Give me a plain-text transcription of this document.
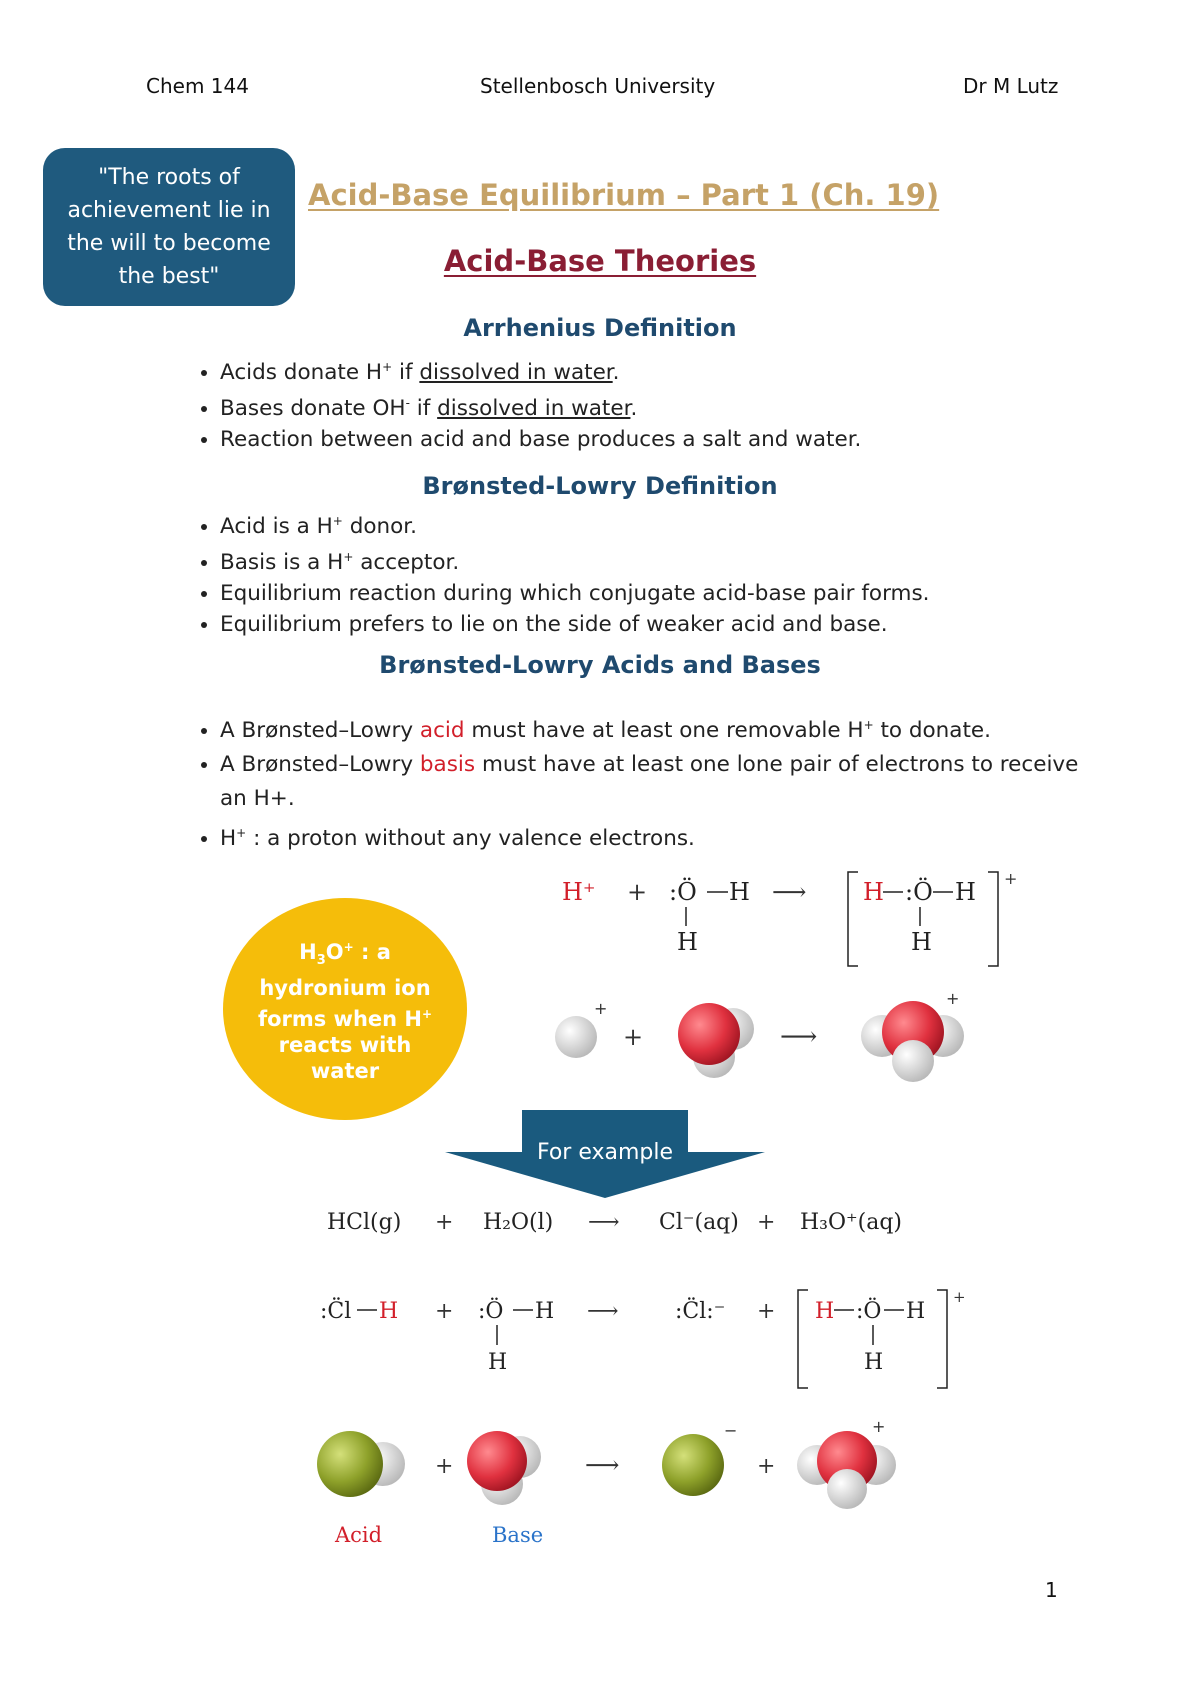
Chem 144	Stellenbosch University	Dr M Lutz
"The roots of achievement lie in the will to become the best"
Acid-Base Equilibrium – Part 1 (Ch. 19)
Acid-Base Theories
Arrhenius Definition
• Acids donate H+ if dissolved in water.
• Bases donate OH- if dissolved in water.
• Reaction between acid and base produces a salt and water.
Brønsted-Lowry Definition
• Acid is a H+ donor.
• Basis is a H+ acceptor.
• Equilibrium reaction during which conjugate acid-base pair forms.
• Equilibrium prefers to lie on the side of weaker acid and base.
Brønsted-Lowry Acids and Bases
• A Brønsted–Lowry acid must have at least one removable H+ to donate.
• A Brønsted–Lowry basis must have at least one lone pair of electrons to receive an H+.
• H+ : a proton without any valence electrons.
H⁺ + :Ö H
H
⟶	+
H :Ö H
H
+
+	⟶
+
$H_3O^+$ : a hydronium ion forms when H+ reacts with water
For example
HCl(g) + H₂O(l) ⟶ Cl⁻(aq) + H₃O⁺(aq)
:C̈l H + :Ö H
H
⟶	:C̈l:⁻ +
+
H :Ö H
H
+	⟶
−
+
+
Acid	Base
1
